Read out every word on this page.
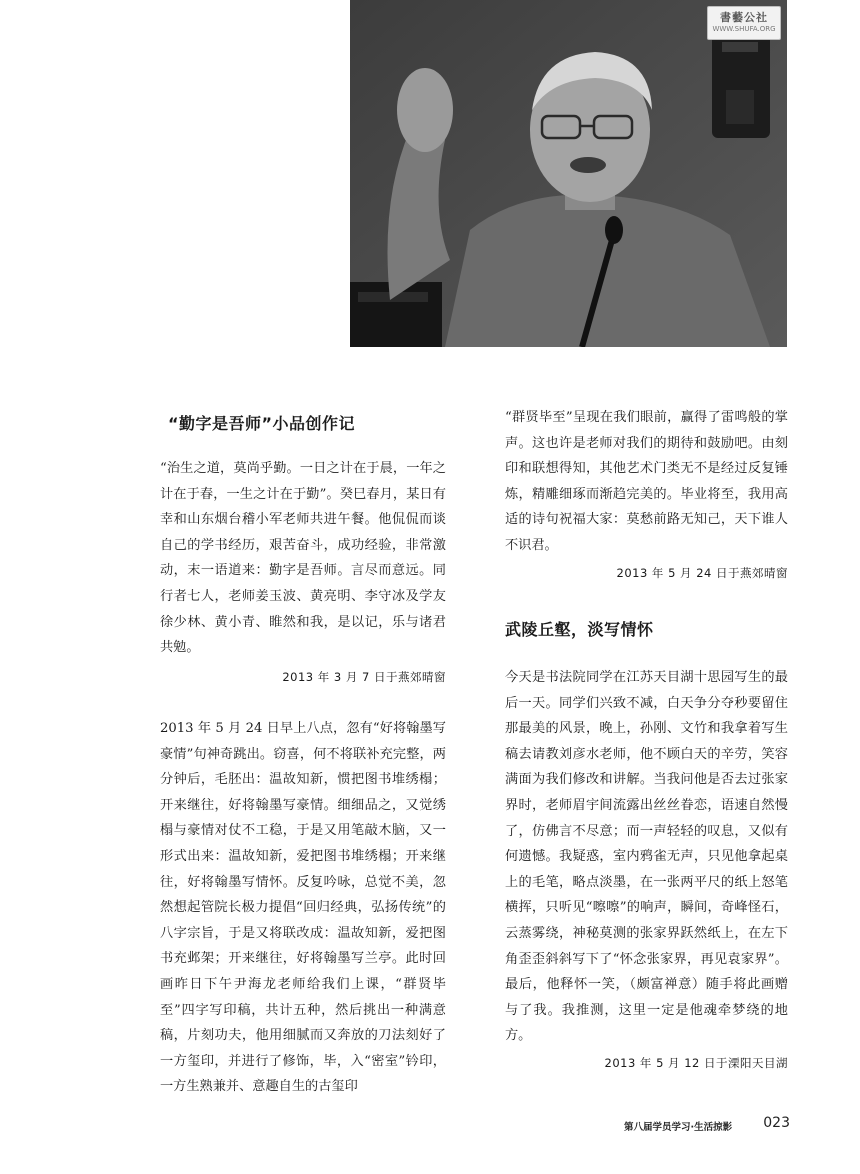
書藝公社
WWW.SHUFA.ORG
“勤字是吾师”小品创作记

“治生之道，莫尚乎勤。一日之计在于晨，一年之计在于春，一生之计在于勤”。癸巳春月，某日有幸和山东烟台稽小军老师共进午餐。他侃侃而谈自己的学书经历，艰苦奋斗，成功经验，非常激动，末一语道来：勤字是吾师。言尽而意远。同行者七人，老师姜玉波、黄亮明、李守冰及学友徐少林、黄小青、睢然和我，是以记，乐与诸君共勉。

2013 年 3 月 7 日于燕郊晴窗

2013 年 5 月 24 日早上八点，忽有“好将翰墨写豪情”句神奇跳出。窃喜，何不将联补充完整，两分钟后，毛胚出：温故知新，惯把图书堆绣榻；开来继往，好将翰墨写豪情。细细品之，又觉绣榻与豪情对仗不工稳，于是又用笔敲木脑，又一形式出来：温故知新，爱把图书堆绣榻；开来继往，好将翰墨写情怀。反复吟咏，总觉不美，忽然想起管院长极力提倡“回归经典，弘扬传统”的八字宗旨，于是又将联改成：温故知新，爱把图书充邺架；开来继往，好将翰墨写兰亭。此时回画昨日下午尹海龙老师给我们上课，“群贤毕至”四字写印稿，共计五种，然后挑出一种满意稿，片刻功夫，他用细腻而又奔放的刀法刻好了一方玺印，并进行了修饰，毕，入“密室”钤印，一方生熟兼并、意趣自生的古玺印

“群贤毕至”呈现在我们眼前，赢得了雷鸣般的掌声。这也许是老师对我们的期待和鼓励吧。由刻印和联想得知，其他艺术门类无不是经过反复锤炼，精雕细琢而渐趋完美的。毕业将至，我用高适的诗句祝福大家：莫愁前路无知己，天下谁人不识君。

2013 年 5 月 24 日于燕郊晴窗
武陵丘壑，淡写情怀

今天是书法院同学在江苏天目湖十思园写生的最后一天。同学们兴致不减，白天争分夺秒要留住那最美的风景，晚上，孙刚、文竹和我拿着写生稿去请教刘彦水老师，他不顾白天的辛劳，笑容满面为我们修改和讲解。当我问他是否去过张家界时，老师眉宇间流露出丝丝眷恋，语速自然慢了，仿佛言不尽意；而一声轻轻的叹息，又似有何遗憾。我疑惑，室内鸦雀无声，只见他拿起桌上的毛笔，略点淡墨，在一张两平尺的纸上怒笔横挥，只听见“嚓嚓”的响声，瞬间，奇峰怪石，云蒸雾绕，神秘莫测的张家界跃然纸上，在左下角歪歪斜斜写下了“怀念张家界，再见袁家界”。最后，他释怀一笑，（颇富禅意）随手将此画赠与了我。我推测，这里一定是他魂牵梦绕的地方。

2013 年 5 月 12 日于溧阳天目湖
第八届学员学习·生活掠影 023
